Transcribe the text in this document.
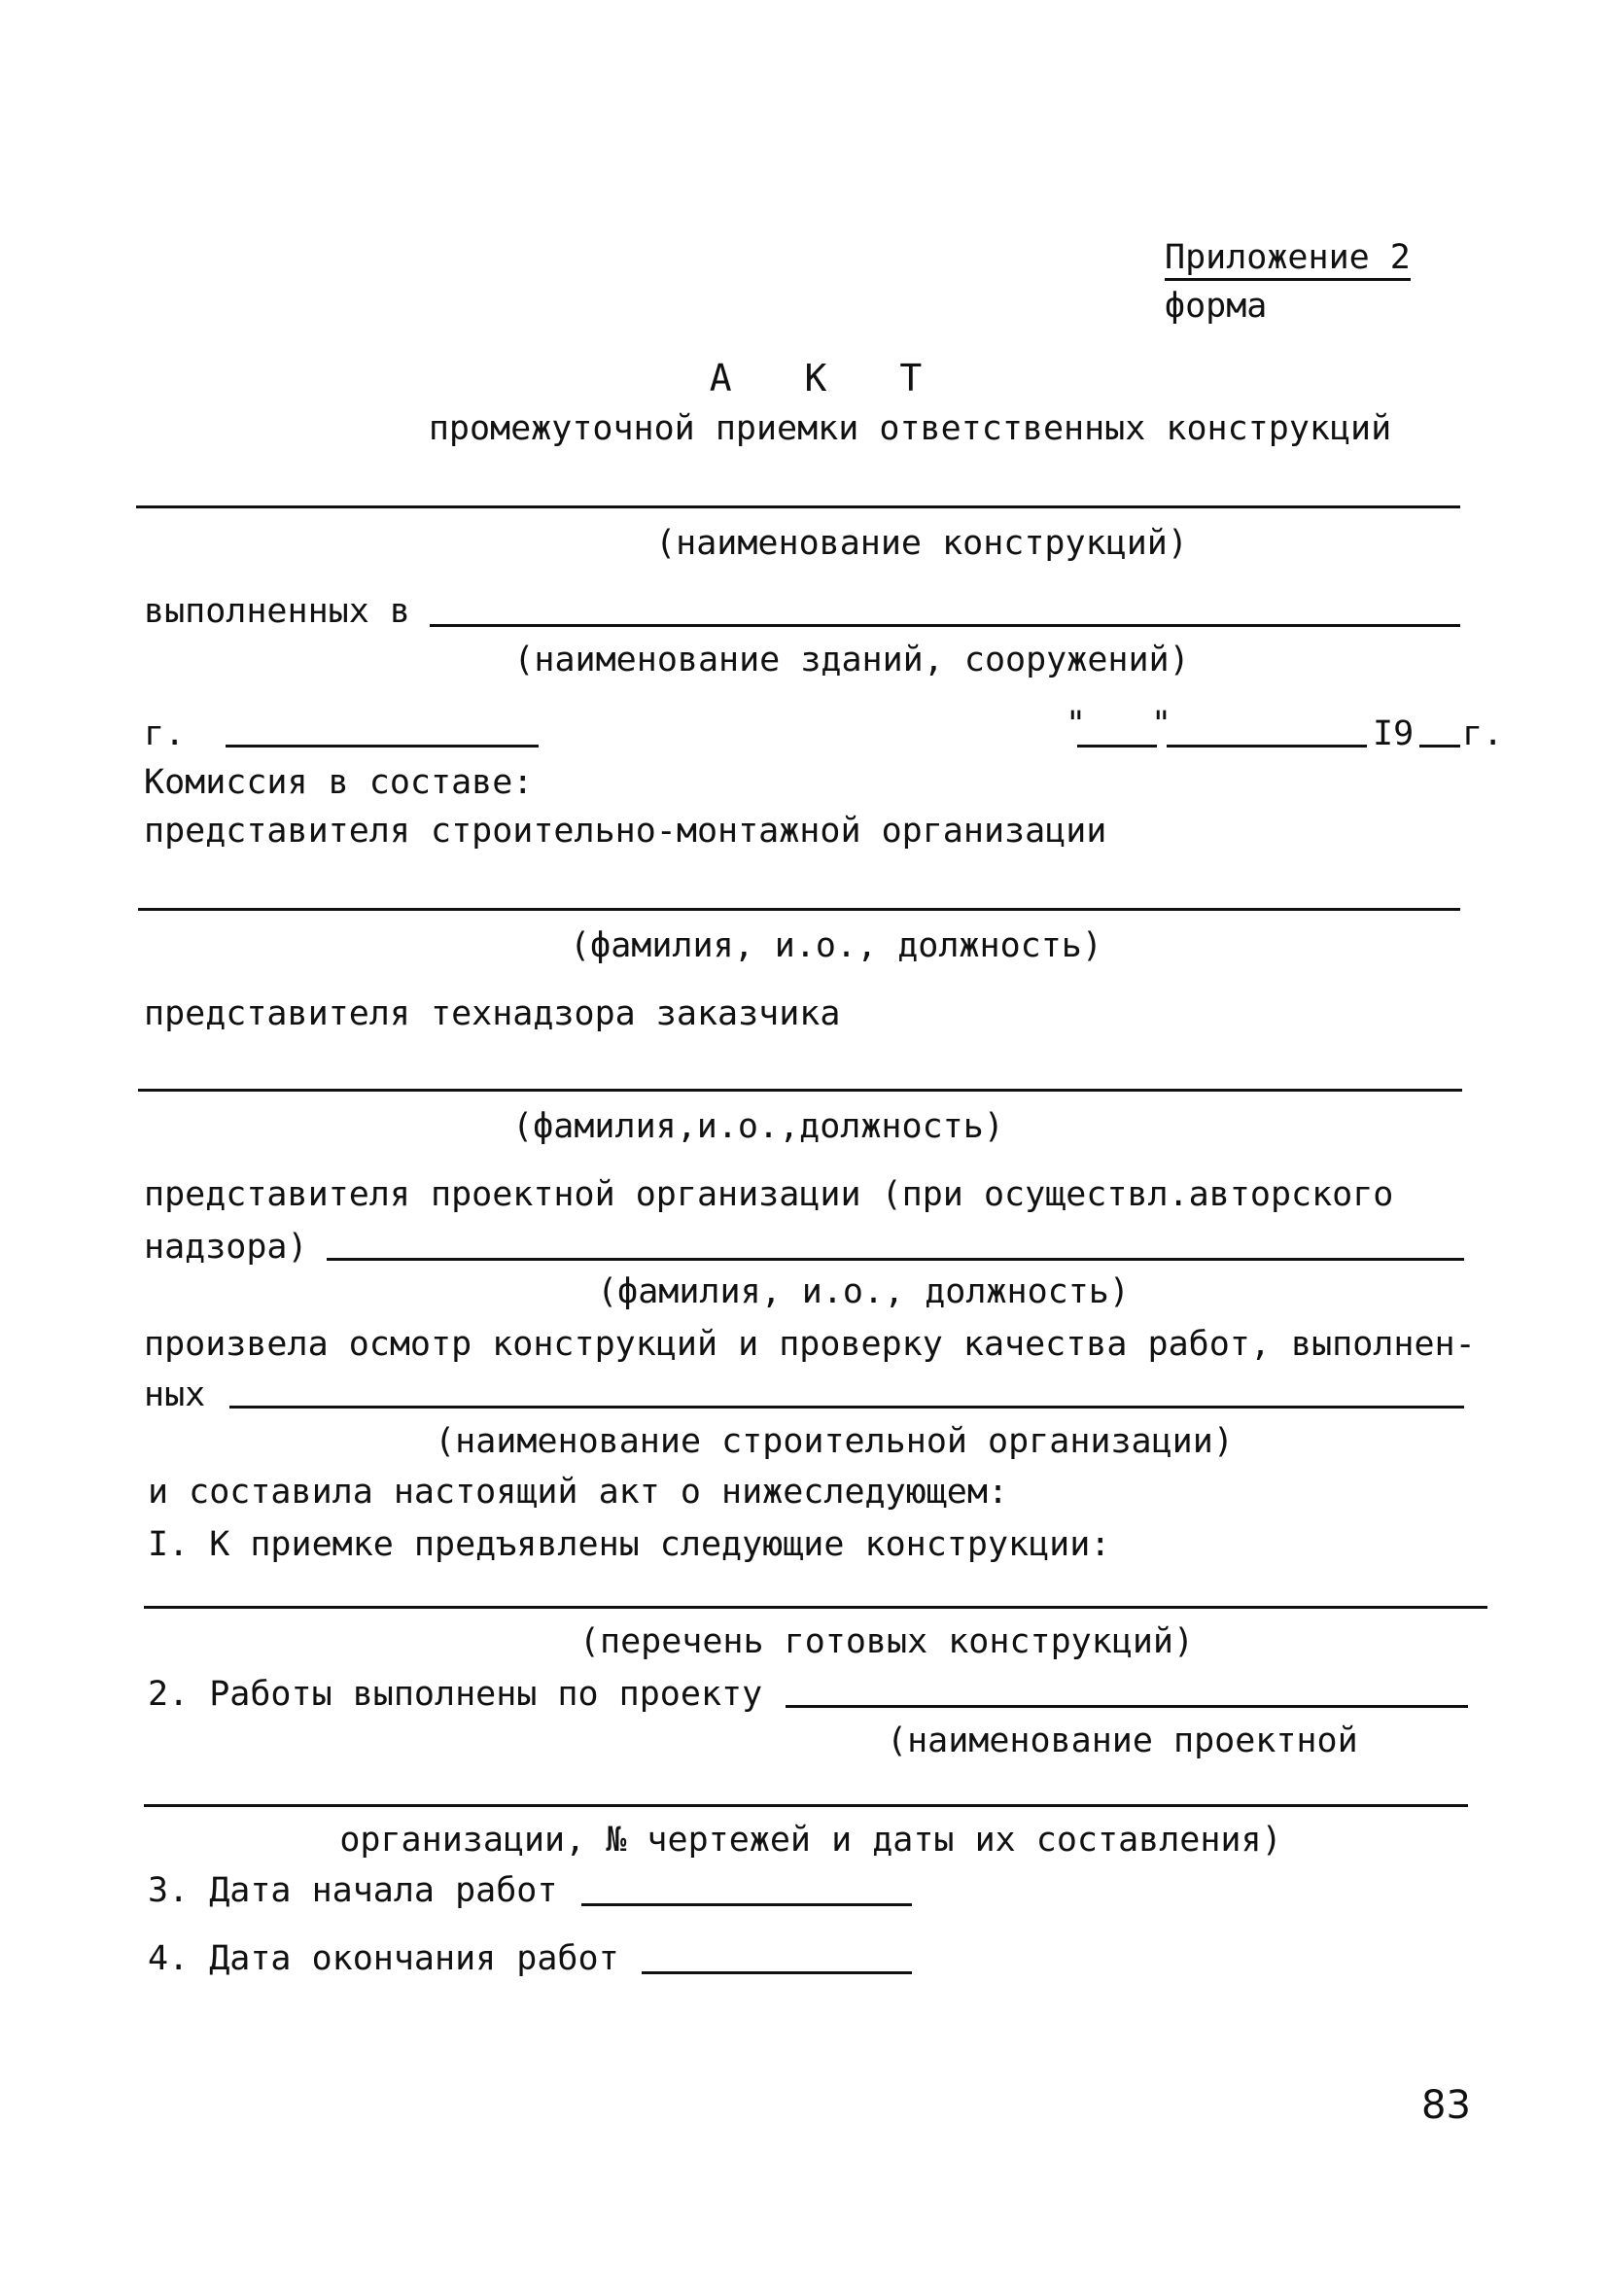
Приложение 2
форма
А К Т
промежуточной приемки ответственных конструкций
(наименование конструкций)
выполненных в
(наименование зданий, сооружений)
г.	" "	I9 г.
Комиссия в составе:
представителя строительно-монтажной организации
(фамилия, и.о., должность)
представителя технадзора заказчика
(фамилия,и.о.,должность)
представителя проектной организации (при осуществл.авторского
надзора)
(фамилия, и.о., должность)
произвела осмотр конструкций и проверку качества работ, выполнен-
ных
(наименование строительной организации)
и составила настоящий акт о нижеследующем:
I. К приемке предъявлены следующие конструкции:
(перечень готовых конструкций)
2. Работы выполнены по проекту
(наименование проектной
организации, № чертежей и даты их составления)
3. Дата начала работ
4. Дата окончания работ
83
